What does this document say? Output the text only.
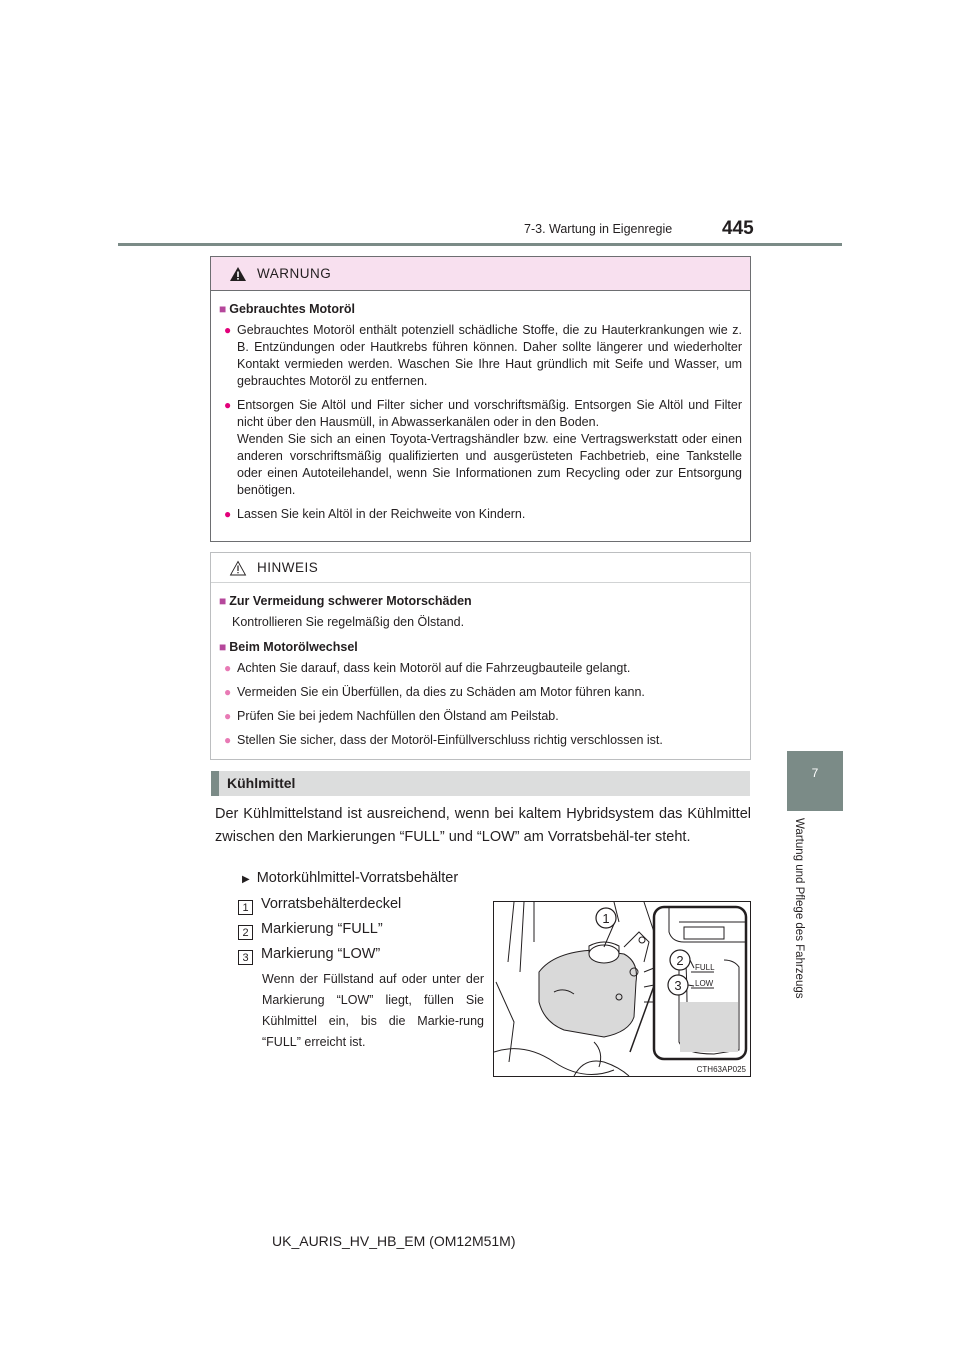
7-3. Wartung in Eigenregie	445
7
Wartung und Pflege des Fahrzeugs
WARNUNG
■ Gebrauchtes Motoröl
● Gebrauchtes Motoröl enthält potenziell schädliche Stoffe, die zu Hauterkrankungen wie z. B. Entzündungen oder Hautkrebs führen können. Daher sollte längerer und wiederholter Kontakt vermieden werden. Waschen Sie Ihre Haut gründlich mit Seife und Wasser, um gebrauchtes Motoröl zu entfernen.
● Entsorgen Sie Altöl und Filter sicher und vorschriftsmäßig. Entsorgen Sie Altöl und Filter nicht über den Hausmüll, in Abwasserkanälen oder in den Boden.
Wenden Sie sich an einen Toyota-Vertragshändler bzw. eine Vertragswerkstatt oder einen anderen vorschriftsmäßig qualifizierten und ausgerüsteten Fachbetrieb, eine Tankstelle oder einen Autoteilehandel, wenn Sie Informationen zum Recycling oder zur Entsorgung benötigen.
● Lassen Sie kein Altöl in der Reichweite von Kindern.
HINWEIS
■ Zur Vermeidung schwerer Motorschäden
Kontrollieren Sie regelmäßig den Ölstand.
■ Beim Motorölwechsel
● Achten Sie darauf, dass kein Motoröl auf die Fahrzeugbauteile gelangt.
● Vermeiden Sie ein Überfüllen, da dies zu Schäden am Motor führen kann.
● Prüfen Sie bei jedem Nachfüllen den Ölstand am Peilstab.
● Stellen Sie sicher, dass der Motoröl-Einfüllverschluss richtig verschlossen ist.
Kühlmittel
Der Kühlmittelstand ist ausreichend, wenn bei kaltem Hybridsystem das Kühlmittel zwischen den Markierungen “FULL” und “LOW” am Vorratsbehäl-ter steht.
▶ Motorkühlmittel-Vorratsbehälter
1 Vorratsbehälterdeckel
2 Markierung “FULL”
3 Markierung “LOW”
Wenn der Füllstand auf oder unter der Markierung “LOW” liegt, füllen Sie Kühlmittel ein, bis die Markie-rung “FULL” erreicht ist.
FULL
LOW
1
2
3
CTH63AP025
UK_AURIS_HV_HB_EM (OM12M51M)
